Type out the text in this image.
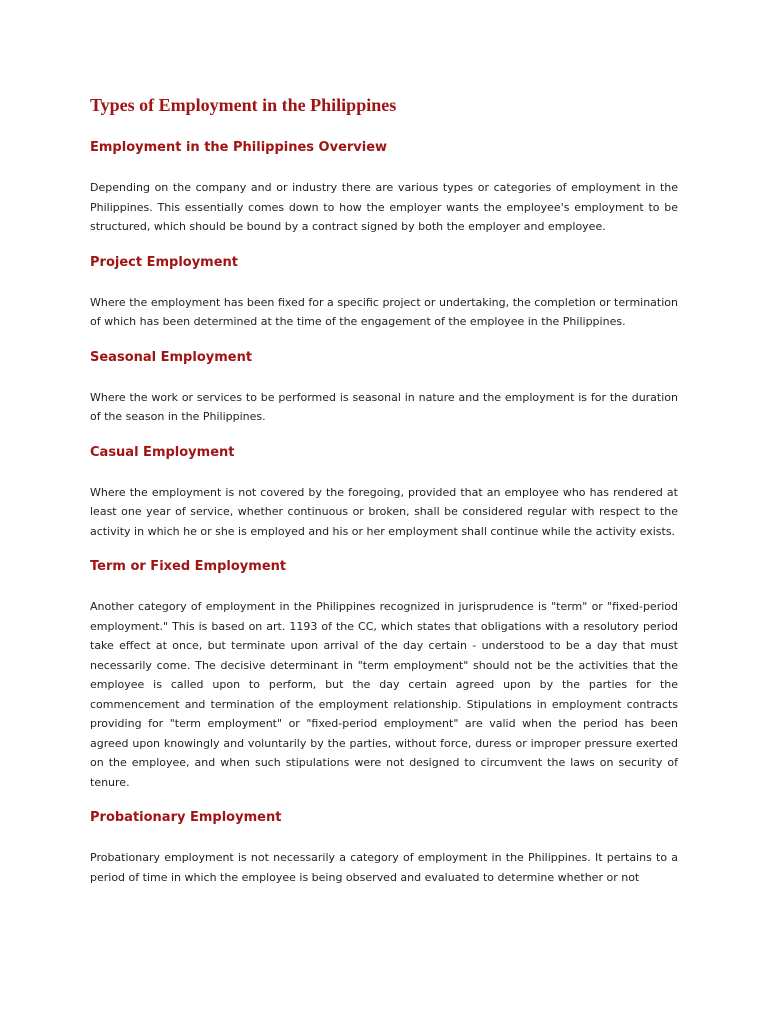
Types of Employment in the Philippines
Employment in the Philippines Overview

Depending on the company and or industry there are various types or categories of employment in the Philippines. This essentially comes down to how the employer wants the employee's employment to be structured, which should be bound by a contract signed by both the employer and employee.

Project Employment

Where the employment has been fixed for a specific project or undertaking, the completion or termination of which has been determined at the time of the engagement of the employee in the Philippines.

Seasonal Employment

Where the work or services to be performed is seasonal in nature and the employment is for the duration of the season in the Philippines.

Casual Employment

Where the employment is not covered by the foregoing, provided that an employee who has rendered at least one year of service, whether continuous or broken, shall be considered regular with respect to the activity in which he or she is employed and his or her employment shall continue while the activity exists.

Term or Fixed Employment

Another category of employment in the Philippines recognized in jurisprudence is "term" or "fixed-period employment." This is based on art. 1193 of the CC, which states that obligations with a resolutory period take effect at once, but terminate upon arrival of the day certain - understood to be a day that must necessarily come. The decisive determinant in "term employment" should not be the activities that the employee is called upon to perform, but the day certain agreed upon by the parties for the commencement and termination of the employment relationship. Stipulations in employment contracts providing for "term employment" or "fixed-period employment" are valid when the period has been agreed upon knowingly and voluntarily by the parties, without force, duress or improper pressure exerted on the employee, and when such stipulations were not designed to circumvent the laws on security of tenure.

Probationary Employment

Probationary employment is not necessarily a category of employment in the Philippines. It pertains to a period of time in which the employee is being observed and evaluated to determine whether or not
